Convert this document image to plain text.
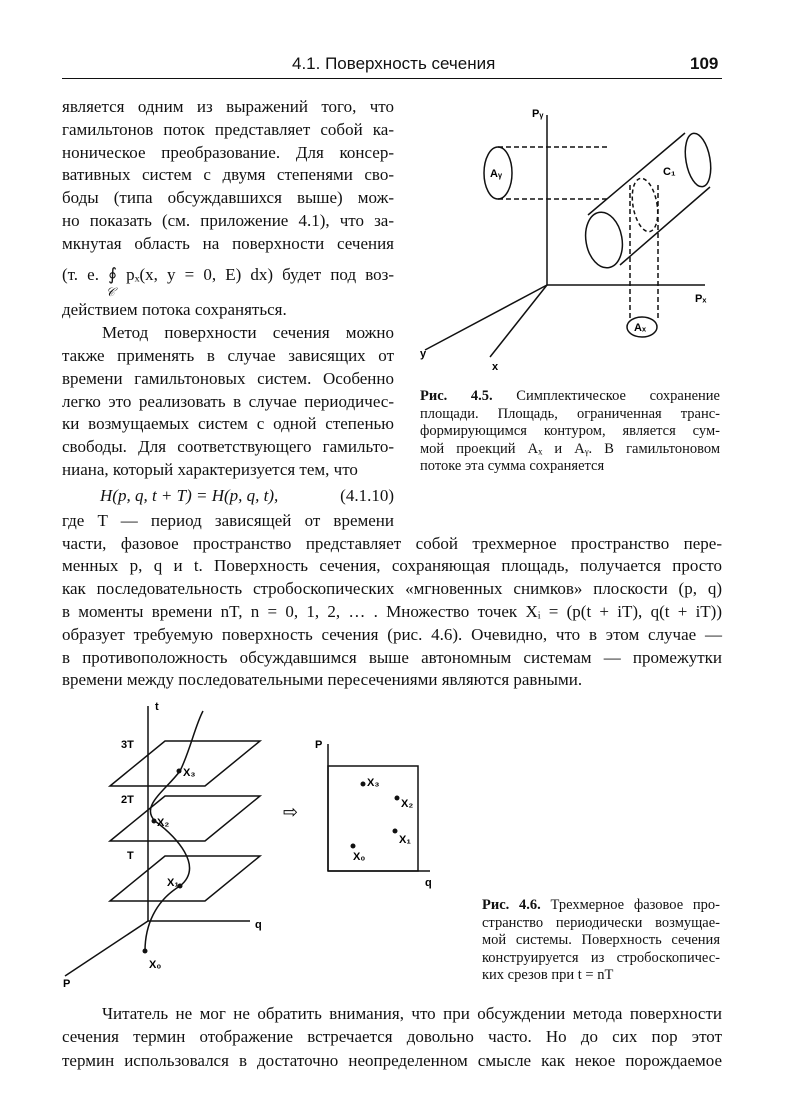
4.1. Поверхность сечения	109
является одним из выражений того, что
гамильтонов поток представляет собой ка-
ноническое преобразование. Для консер-
вативных систем с двумя степенями сво-
боды (типа обсуждавшихся выше) мож-
но показать (см. приложение 4.1), что за-
мкнутая область на поверхности сечения
(т. е. ∮ pₓ(x, y = 0, E) dx) будет под воз-
𝒞
действием потока сохраняться.
Метод поверхности сечения можно
также применять в случае зависящих от
времени гамильтоновых систем. Особенно
легко это реализовать в случае периодичес-
ки возмущаемых систем с одной степенью
свободы. Для соответствующего гамильто-
ниана, который характеризуется тем, что
H(p, q, t + T) = H(p, q, t),	(4.1.10)
где T — период зависящей от времени
части, фазовое пространство представляет собой трехмерное пространство пере-
менных p, q и t. Поверхность сечения, сохраняющая площадь, получается просто
как последовательность стробоскопических «мгновенных снимков» плоскости (p, q)
в моменты времени nT, n = 0, 1, 2, … . Множество точек Xᵢ = (p(t + iT), q(t + iT))
образует требуемую поверхность сечения (рис. 4.6). Очевидно, что в этом случае —
в противоположность обсуждавшимся выше автономным системам — промежутки
времени между последовательными пересечениями являются равными.
Pᵧ
Pₓ
y
x
Aᵧ
Aₓ
C₁
Рис. 4.5. Симплектическое сохранение
площади. Площадь, ограниченная транс-
формирующимся контуром, является сум-
мой проекций Aₓ и Aᵧ. В гамильтоновом
потоке эта сумма сохраняется
t
3T
2T
T
q
P
X₀
X₁
X₂
X₃
⇨
P
q
X₀
X₁
X₂
X₃
Рис. 4.6. Трехмерное фазовое про-
странство периодически возмущае-
мой системы. Поверхность сечения
конструируется из стробоскопичес-
ких срезов при t = nT
Читатель не мог не обратить внимания, что при обсуждении метода поверхности
сечения термин отображение встречается довольно часто. Но до сих пор этот
термин использовался в достаточно неопределенном смысле как некое порождаемое
